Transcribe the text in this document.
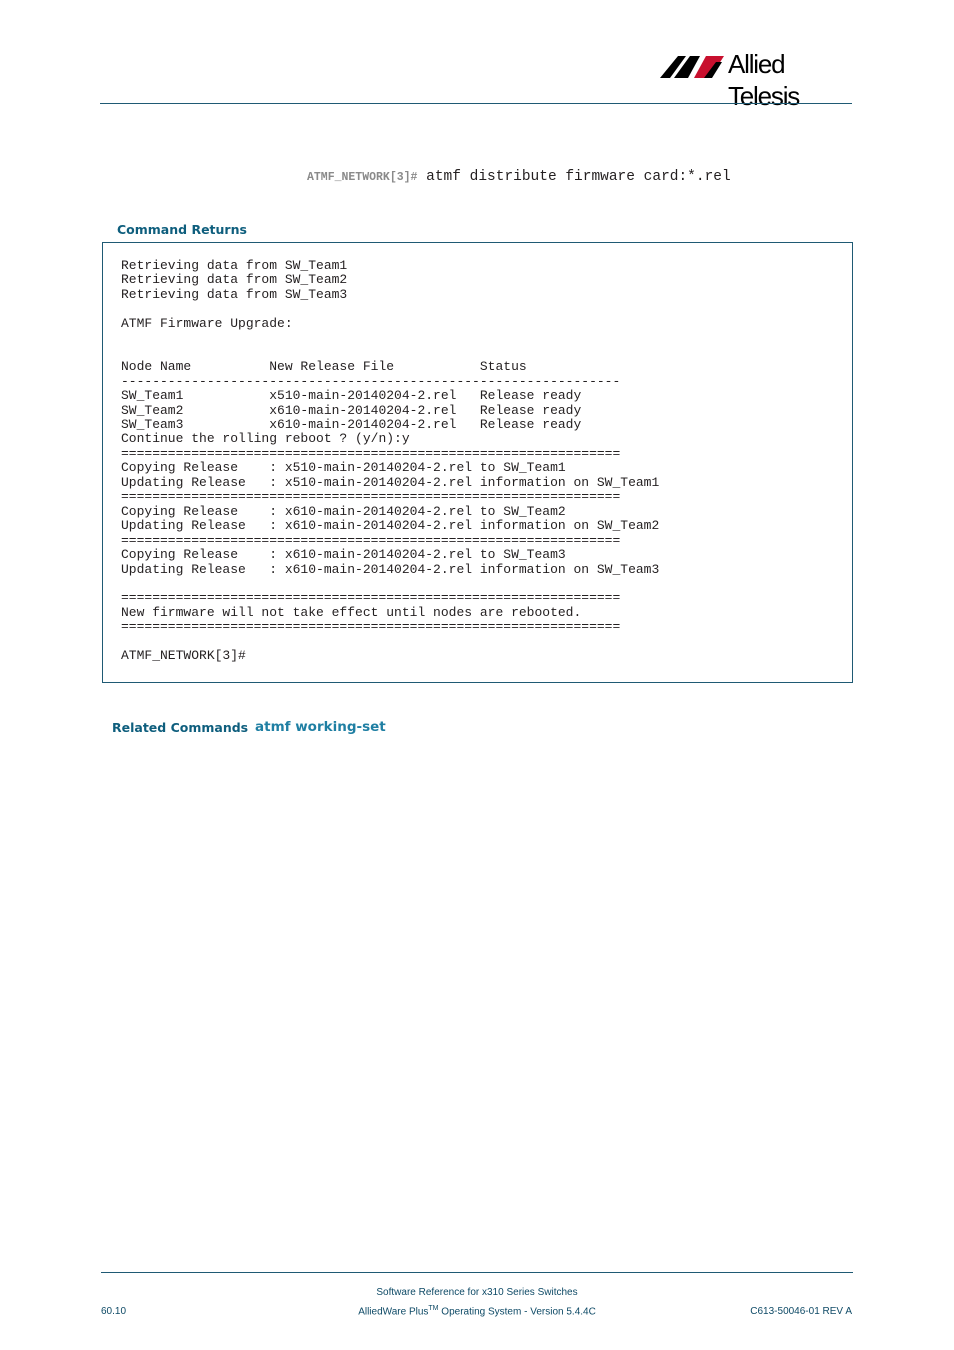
Allied Telesis
ATMF_NETWORK[3]# atmf distribute firmware card:*.rel
Command Returns
Retrieving data from SW_Team1
Retrieving data from SW_Team2
Retrieving data from SW_Team3

ATMF Firmware Upgrade:

Node Name          New Release File           Status
----------------------------------------------------------------
SW_Team1           x510-main-20140204-2.rel   Release ready
SW_Team2           x610-main-20140204-2.rel   Release ready
SW_Team3           x610-main-20140204-2.rel   Release ready
Continue the rolling reboot ? (y/n):y
================================================================
Copying Release    : x510-main-20140204-2.rel to SW_Team1
Updating Release   : x510-main-20140204-2.rel information on SW_Team1
================================================================
Copying Release    : x610-main-20140204-2.rel to SW_Team2
Updating Release   : x610-main-20140204-2.rel information on SW_Team2
================================================================
Copying Release    : x610-main-20140204-2.rel to SW_Team3
Updating Release   : x610-main-20140204-2.rel information on SW_Team3

================================================================
New firmware will not take effect until nodes are rebooted.
================================================================

ATMF_NETWORK[3]#
Related Commands atmf working-set
Software Reference for x310 Series Switches
AlliedWare Plus™ Operating System - Version 5.4.4C
60.10	C613-50046-01 REV A
